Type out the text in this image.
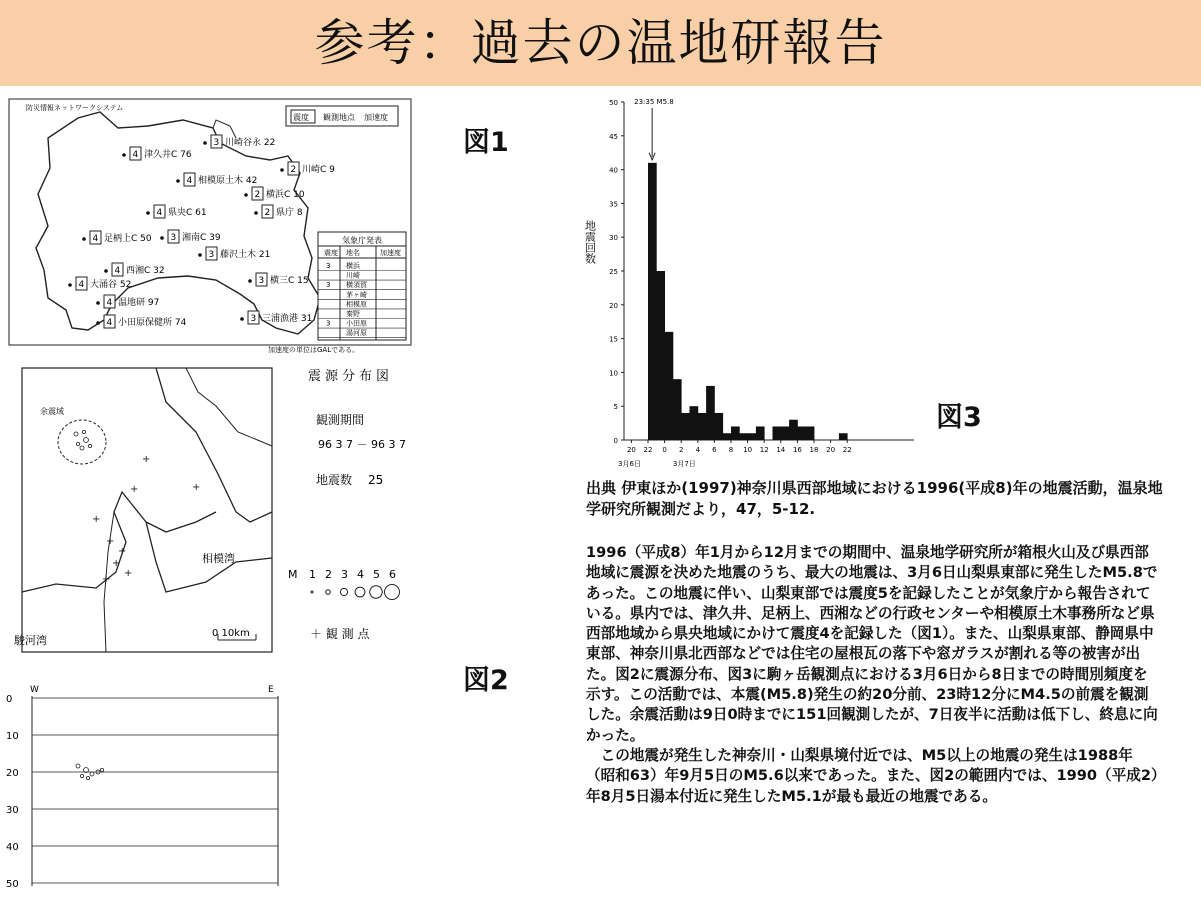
参考：過去の温地研報告
図1
図2
図3
防災情報ネットワークシステム
震度 観測地点 加速度
4 津久井C 76
3 川崎谷永 22
2 川崎C 9
4 相模原土木 42
2 横浜C 10
2 県庁 8
4 県央C 61
4 足柄上C 50 3 湘南C 39
3 藤沢土木 21
4 西湘C 32
4 大涌谷 52	3 横三C 15
4 温地研 97
4 小田原保健所 74	3 三浦漁港 31
気象庁発表
震度 地名	加速度
3 横浜
川崎
3 横須賀
茅ヶ崎
相模原
秦野
3 小田原
湯河原
加速度の単位はGALである。
+
+	+
+
+
+
+
+
+
余震域
相模湾
駿河湾
0 10km
震源分布図
観測期間
96 3 7 － 96 3 7
地震数 25
M 1 2 3 4 5 6
＋ 観 測 点
W	E
0
10
20
30
40
50
地震回数
0
5
10
15
20
25
30
35
40
45
50
20 22 0 2 4 6 8 10 12 14 16 18 20 22
3月6日	3月7日
23:35 M5.8
出典 伊東ほか(1997)神奈川県西部地域における1996(平成8)年の地震活動，温泉地学研究所観測だより，47，5-12.

1996（平成8）年1月から12月までの期間中、温泉地学研究所が箱根火山及び県西部地域に震源を決めた地震のうち、最大の地震は、3月6日山梨県東部に発生したM5.8であった。この地震に伴い、山梨東部では震度5を記録したことが気象庁から報告されている。県内では、津久井、足柄上、西湘などの行政センターや相模原土木事務所など県西部地域から県央地域にかけて震度4を記録した（図1）。また、山梨県東部、静岡県中東部、神奈川県北西部などでは住宅の屋根瓦の落下や窓ガラスが割れる等の被害が出た。図2に震源分布、図3に駒ヶ岳観測点における3月6日から8日までの時間別頻度を示す。この活動では、本震(M5.8)発生の約20分前、23時12分にM4.5の前震を観測した。余震活動は9日0時までに151回観測したが、7日夜半に活動は低下し、終息に向かった。

この地震が発生した神奈川・山梨県境付近では、M5以上の地震の発生は1988年（昭和63）年9月5日のM5.6以来であった。また、図2の範囲内では、1990（平成2）年8月5日湯本付近に発生したM5.1が最も最近の地震である。
